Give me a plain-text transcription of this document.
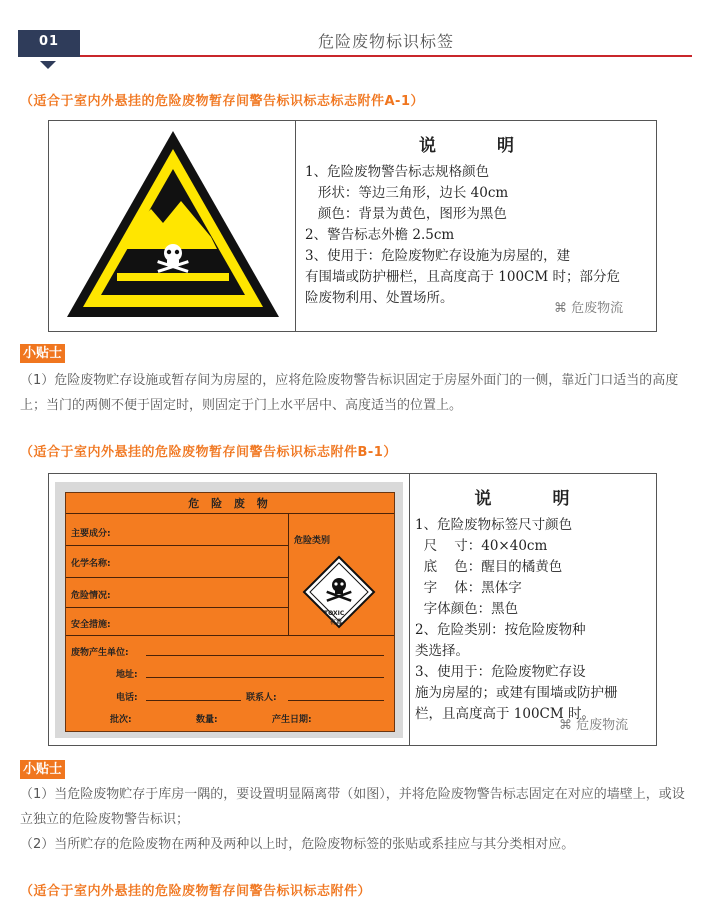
01	危险废物标识标签
（适合于室内外悬挂的危险废物暂存间警告标识标志标志附件A-1）
说　明
1、危险废物警告标志规格颜色
形状：等边三角形，边长 40cm
颜色：背景为黄色，图形为黑色
2、警告标志外檐 2.5cm
3、使用于：危险废物贮存设施为房屋的，建
有围墙或防护栅栏，且高度高于 100CM 时；部分危
险废物利用、处置场所。
⌘ 危废物流
小贴士
（1）危险废物贮存设施或暂存间为房屋的，应将危险废物警告标识固定于房屋外面门的一侧，靠近门口适当的高度上；当门的两侧不便于固定时，则固定于门上水平居中、高度适当的位置上。
（适合于室内外悬挂的危险废物暂存间警告标识标志附件B-1）
危 险 废 物
主要成分:
化学名称:
危险情况:
安全措施:
废物产生单位:
危险类别
TOXIC
有毒
地址:
电话:	联系人:
批次:	数量:	产生日期:
说　明
1、危险废物标签尺寸颜色
尺    寸：40×40cm
底    色：醒目的橘黄色
字    体：黑体字
字体颜色：黑色
2、危险类别：按危险废物种
类选择。
3、使用于：危险废物贮存设
施为房屋的；或建有围墙或防护栅
栏，且高度高于 100CM 时。
⌘ 危废物流
小贴士
（1）当危险废物贮存于库房一隅的，要设置明显隔离带（如图），并将危险废物警告标志固定在对应的墙壁上，或设立独立的危险废物警告标识；
（2）当所贮存的危险废物在两种及两种以上时，危险废物标签的张贴或系挂应与其分类相对应。
（适合于室内外悬挂的危险废物暂存间警告标识标志附件）
